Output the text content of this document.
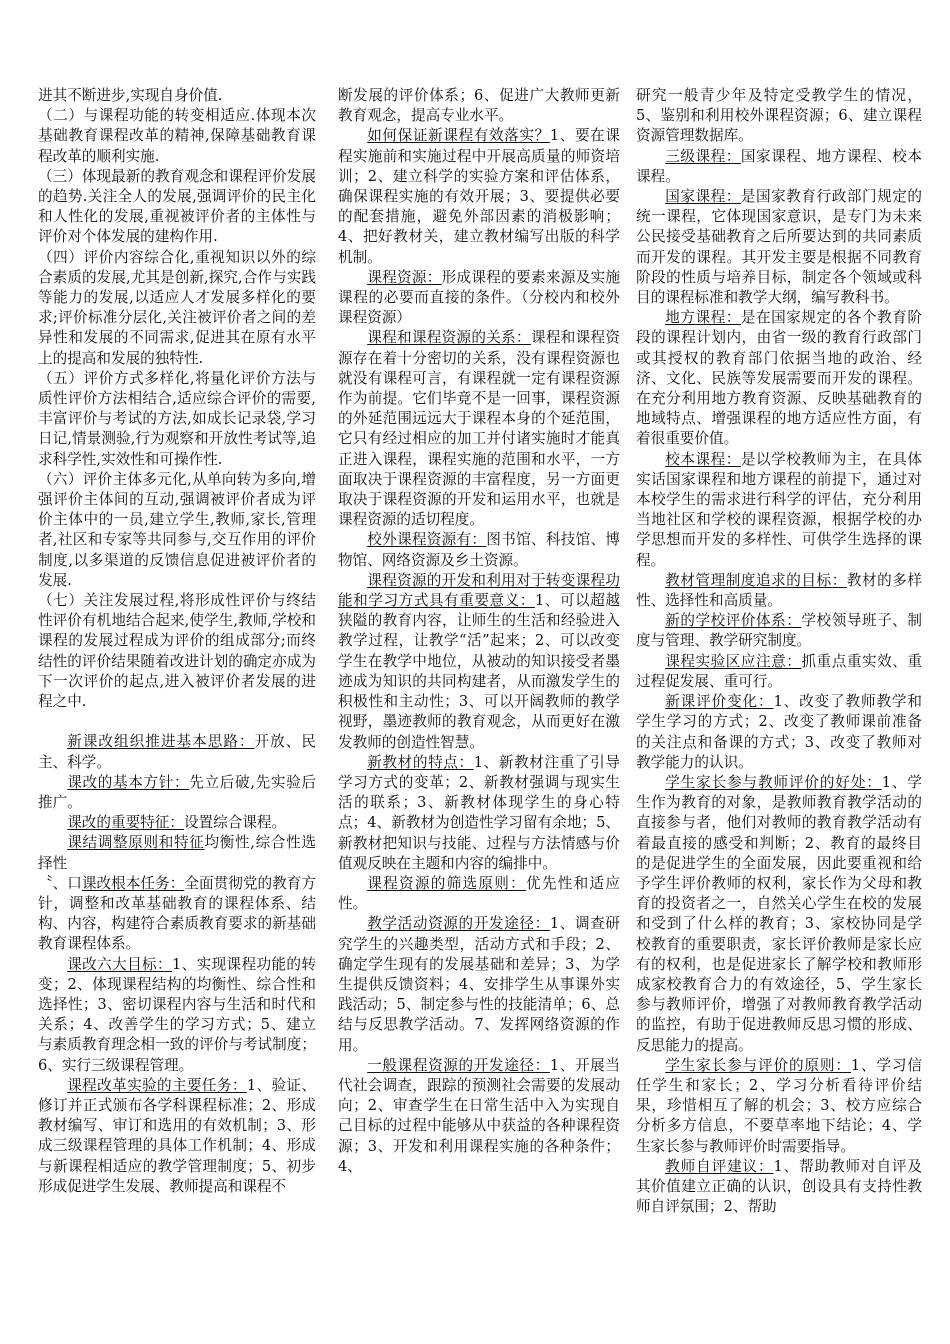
进其不断进步,实现自身价值.

（二）与课程功能的转变相适应.体现本次基础教育课程改革的精神,保障基础教育课程改革的顺利实施.

（三）体现最新的教育观念和课程评价发展的趋势.关注全人的发展,强调评价的民主化和人性化的发展,重视被评价者的主体性与评价对个体发展的建构作用.

（四）评价内容综合化,重视知识以外的综合素质的发展,尤其是创新,探究,合作与实践等能力的发展,以适应人才发展多样化的要求;评价标准分层化,关注被评价者之间的差异性和发展的不同需求,促进其在原有水平上的提高和发展的独特性.

（五）评价方式多样化,将量化评价方法与质性评价方法相结合,适应综合评价的需要,丰富评价与考试的方法,如成长记录袋,学习日记,情景测验,行为观察和开放性考试等,追求科学性,实效性和可操作性.

（六）评价主体多元化,从单向转为多向,增强评价主体间的互动,强调被评价者成为评价主体中的一员,建立学生,教师,家长,管理者,社区和专家等共同参与,交互作用的评价制度,以多渠道的反馈信息促进被评价者的发展.

（七）关注发展过程,将形成性评价与终结性评价有机地结合起来,使学生,教师,学校和课程的发展过程成为评价的组成部分;而终结性的评价结果随着改进计划的确定亦成为下一次评价的起点,进入被评价者发展的进程之中.

新课改组织推进基本思路：开放、民主、科学。

课改的基本方针：先立后破,先实验后推广。

课改的重要特征：设置综合课程。

课结调整原则和特征均衡性,综合性选择性

〝、口课改根本任务：全面贯彻党的教育方针，调整和改革基础教育的课程体系、结构、内容，构建符合素质教育要求的新基础教育课程体系。

课改六大目标：1、实现课程功能的转变；2、体现课程结构的均衡性、综合性和选择性；3、密切课程内容与生活和时代和关系；4、改善学生的学习方式；5、建立与素质教育理念相一致的评价与考试制度；6、实行三级课程管理。

课程改革实验的主要任务：1、验证、修订并正式颁布各学科课程标准；2、形成教材编写、审订和选用的有效机制；3、形成三级课程管理的具体工作机制；4、形成与新课程相适应的教学管理制度；5、初步形成促进学生发展、教师提高和课程不

断发展的评价体系；6、促进广大教师更新教育观念，提高专业水平。

如何保证新课程有效落实？1、要在课程实施前和实施过程中开展高质量的师资培训；2、建立科学的实验方案和评估体系，确保课程实施的有效开展；3、要提供必要的配套措施，避免外部因素的消极影响；4、把好教材关，建立教材编写出版的科学机制。

课程资源：形成课程的要素来源及实施课程的必要而直接的条件。（分校内和校外课程资源）

课程和课程资源的关系：课程和课程资源存在着十分密切的关系，没有课程资源也就没有课程可言，有课程就一定有课程资源作为前提。它们毕竟不是一回事，课程资源的外延范围远远大于课程本身的个延范围，它只有经过相应的加工并付诸实施时才能真正进入课程，课程实施的范围和水平，一方面取决于课程资源的丰富程度，另一方面更取决于课程资源的开发和运用水平，也就是课程资源的适切程度。

校外课程资源有：图书馆、科技馆、博物馆、网络资源及乡土资源。

课程资源的开发和利用对于转变课程功能和学习方式具有重要意义：1、可以超越狭隘的教育内容，让师生的生活和经验进入教学过程，让教学“活”起来；2、可以改变学生在教学中地位，从被动的知识接受者墨迹成为知识的共同构建者，从而激发学生的积极性和主动性；3、可以开阔教师的教学视野，墨迹教师的教育观念，从而更好在激发教师的创造性智慧。

新教材的特点：1、新教材注重了引导学习方式的变革；2、新教材强调与现实生活的联系；3、新教材体现学生的身心特点；4、新教材为创造性学习留有余地；5、新教材把知识与技能、过程与方法情感与价值观反映在主题和内容的编排中。

课程资源的筛选原则：优先性和适应性。

教学活动资源的开发途径：1、调查研究学生的兴趣类型，活动方式和手段；2、确定学生现有的发展基础和差异；3、为学生提供反馈资料；4、安排学生从事课外实践活动；5、制定参与性的技能清单；6、总结与反思教学活动。7、发挥网络资源的作用。

一般课程资源的开发途径：1、开展当代社会调查，跟踪的预测社会需要的发展动向；2、审查学生在日常生活中入为实现自己目标的过程中能够从中获益的各种课程资源；3、开发和利用课程实施的各种条件；4、

研究一般青少年及特定受教学生的情况，5、鉴别和利用校外课程资源；6、建立课程资源管理数据库。

三级课程：国家课程、地方课程、校本课程。

国家课程：是国家教育行政部门规定的统一课程，它体现国家意识，是专门为未来公民接受基础教育之后所要达到的共同素质而开发的课程。其开发主要是根据不同教育阶段的性质与培养目标，制定各个领域或科目的课程标准和教学大纲，编写教科书。

地方课程：是在国家规定的各个教育阶段的课程计划内，由省一级的教育行政部门或其授权的教育部门依据当地的政治、经济、文化、民族等发展需要而开发的课程。在充分利用地方教育资源、反映基础教育的地域特点、增强课程的地方适应性方面，有着很重要价值。

校本课程：是以学校教师为主，在具体实话国家课程和地方课程的前提下，通过对本校学生的需求进行科学的评估，充分利用当地社区和学校的课程资源，根据学校的办学思想而开发的多样性、可供学生选择的课程。

教材管理制度追求的目标：教材的多样性、选择性和高质量。

新的学校评价体系：学校领导班子、制度与管理、教学研究制度。

课程实验区应注意：抓重点重实效、重过程促发展、重可行。

新课评价变化：1、改变了教师教学和学生学习的方式；2、改变了教师课前准备的关注点和备课的方式；3、改变了教师对教学能力的认识。

学生家长参与教师评价的好处：1、学生作为教育的对象，是教师教育教学活动的直接参与者，他们对教师的教育教学活动有着最直接的感受和判断；2、教育的最终目的是促进学生的全面发展，因此要重视和给予学生评价教师的权利，家长作为父母和教育的投资者之一，自然关心学生在校的发展和受到了什么样的教育；3、家校协同是学校教育的重要职责，家长评价教师是家长应有的权利，也是促进家长了解学校和教师形成家校教育合力的有效途径，5、学生家长参与教师评价，增强了对教师教育教学活动的监控，有助于促进教师反思习惯的形成、反思能力的提高。

学生家长参与评价的原则：1、学习信任学生和家长；2、学习分析看待评价结果，珍惜相互了解的机会；3、校方应综合分析多方信息，不要草率地下结论；4、学生家长参与教师评价时需要指导。

教师自评建议：1、帮助教师对自评及其价值建立正确的认识，创设具有支持性教师自评氛围；2、帮助
